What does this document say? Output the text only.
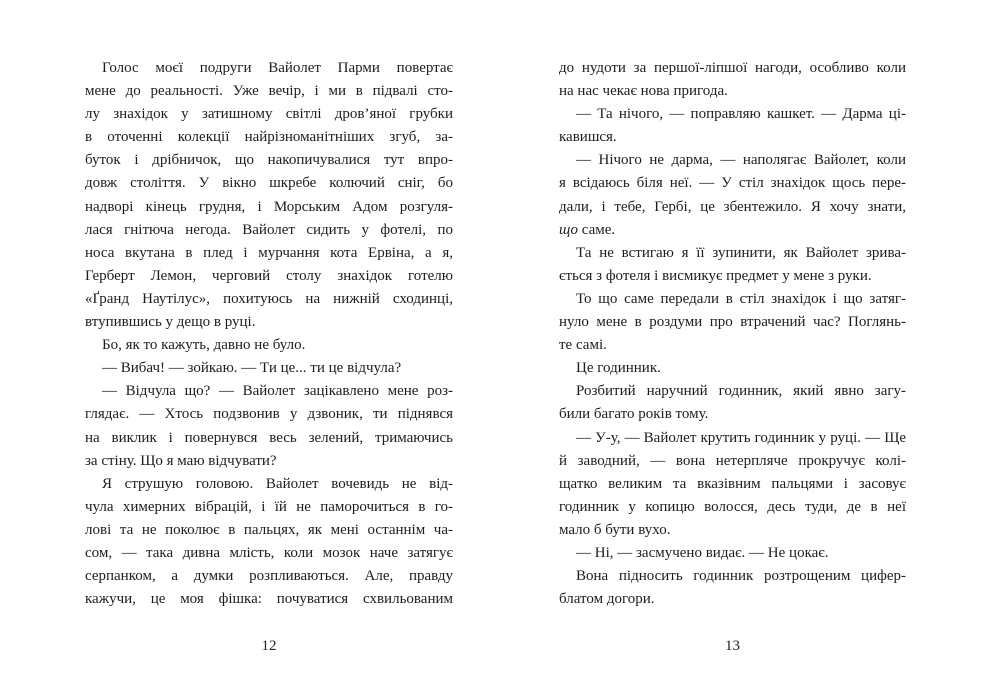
Голос моєї подруги Вайолет Парми повертає
мене до реальності. Уже вечір, і ми в підвалі сто-
лу знахідок у затишному світлі дров’яної грубки
в оточенні колекції найрізноманітніших згуб, за-
буток і дрібничок, що накопичувалися тут впро-
довж століття. У вікно шкребе колючий сніг, бо
надворі кінець грудня, і Морським Адом розгуля-
лася гнітюча негода. Вайолет сидить у фотелі, по
носа вкутана в плед і мурчання кота Ервіна, а я,
Герберт Лемон, черговий столу знахідок готелю
«Ґранд Наутілус», похитуюсь на нижній сходинці,
втупившись у дещо в руці.
Бо, як то кажуть, давно не було.
— Вибач! — зойкаю. — Ти це... ти це відчула?
— Відчула що? — Вайолет зацікавлено мене роз-
глядає. — Хтось подзвонив у дзвоник, ти піднявся
на виклик і повернувся весь зелений, тримаючись
за стіну. Що я маю відчувати?
Я струшую головою. Вайолет вочевидь не від-
чула химерних вібрацій, і їй не паморочиться в го-
лові та не поколює в пальцях, як мені останнім ча-
сом, — така дивна млість, коли мозок наче затягує
серпанком, а думки розпливаються. Але, правду
кажучи, це моя фішка: почуватися схвильованим
до нудоти за першої-ліпшої нагоди, особливо коли
на нас чекає нова пригода.
— Та нічого, — поправляю кашкет. — Дарма ці-
кавишся.
— Нічого не дарма, — наполягає Вайолет, коли
я всідаюсь біля неї. — У стіл знахідок щось пере-
дали, і тебе, Гербі, це збентежило. Я хочу знати,
що саме.
Та не встигаю я її зупинити, як Вайолет зрива-
ється з фотеля і висмикує предмет у мене з руки.
То що саме передали в стіл знахідок і що затяг-
нуло мене в роздуми про втрачений час? Поглянь-
те самі.
Це годинник.
Розбитий наручний годинник, який явно загу-
били багато років тому.
— У-у, — Вайолет крутить годинник у руці. — Ще
й заводний, — вона нетерпляче прокручує колі-
щатко великим та вказівним пальцями і засовує
годинник у копицю волосся, десь туди, де в неї
мало б бути вухо.
— Ні, — засмучено видає. — Не цокає.
Вона підносить годинник розтрощеним цифер-
блатом догори.
12	13
